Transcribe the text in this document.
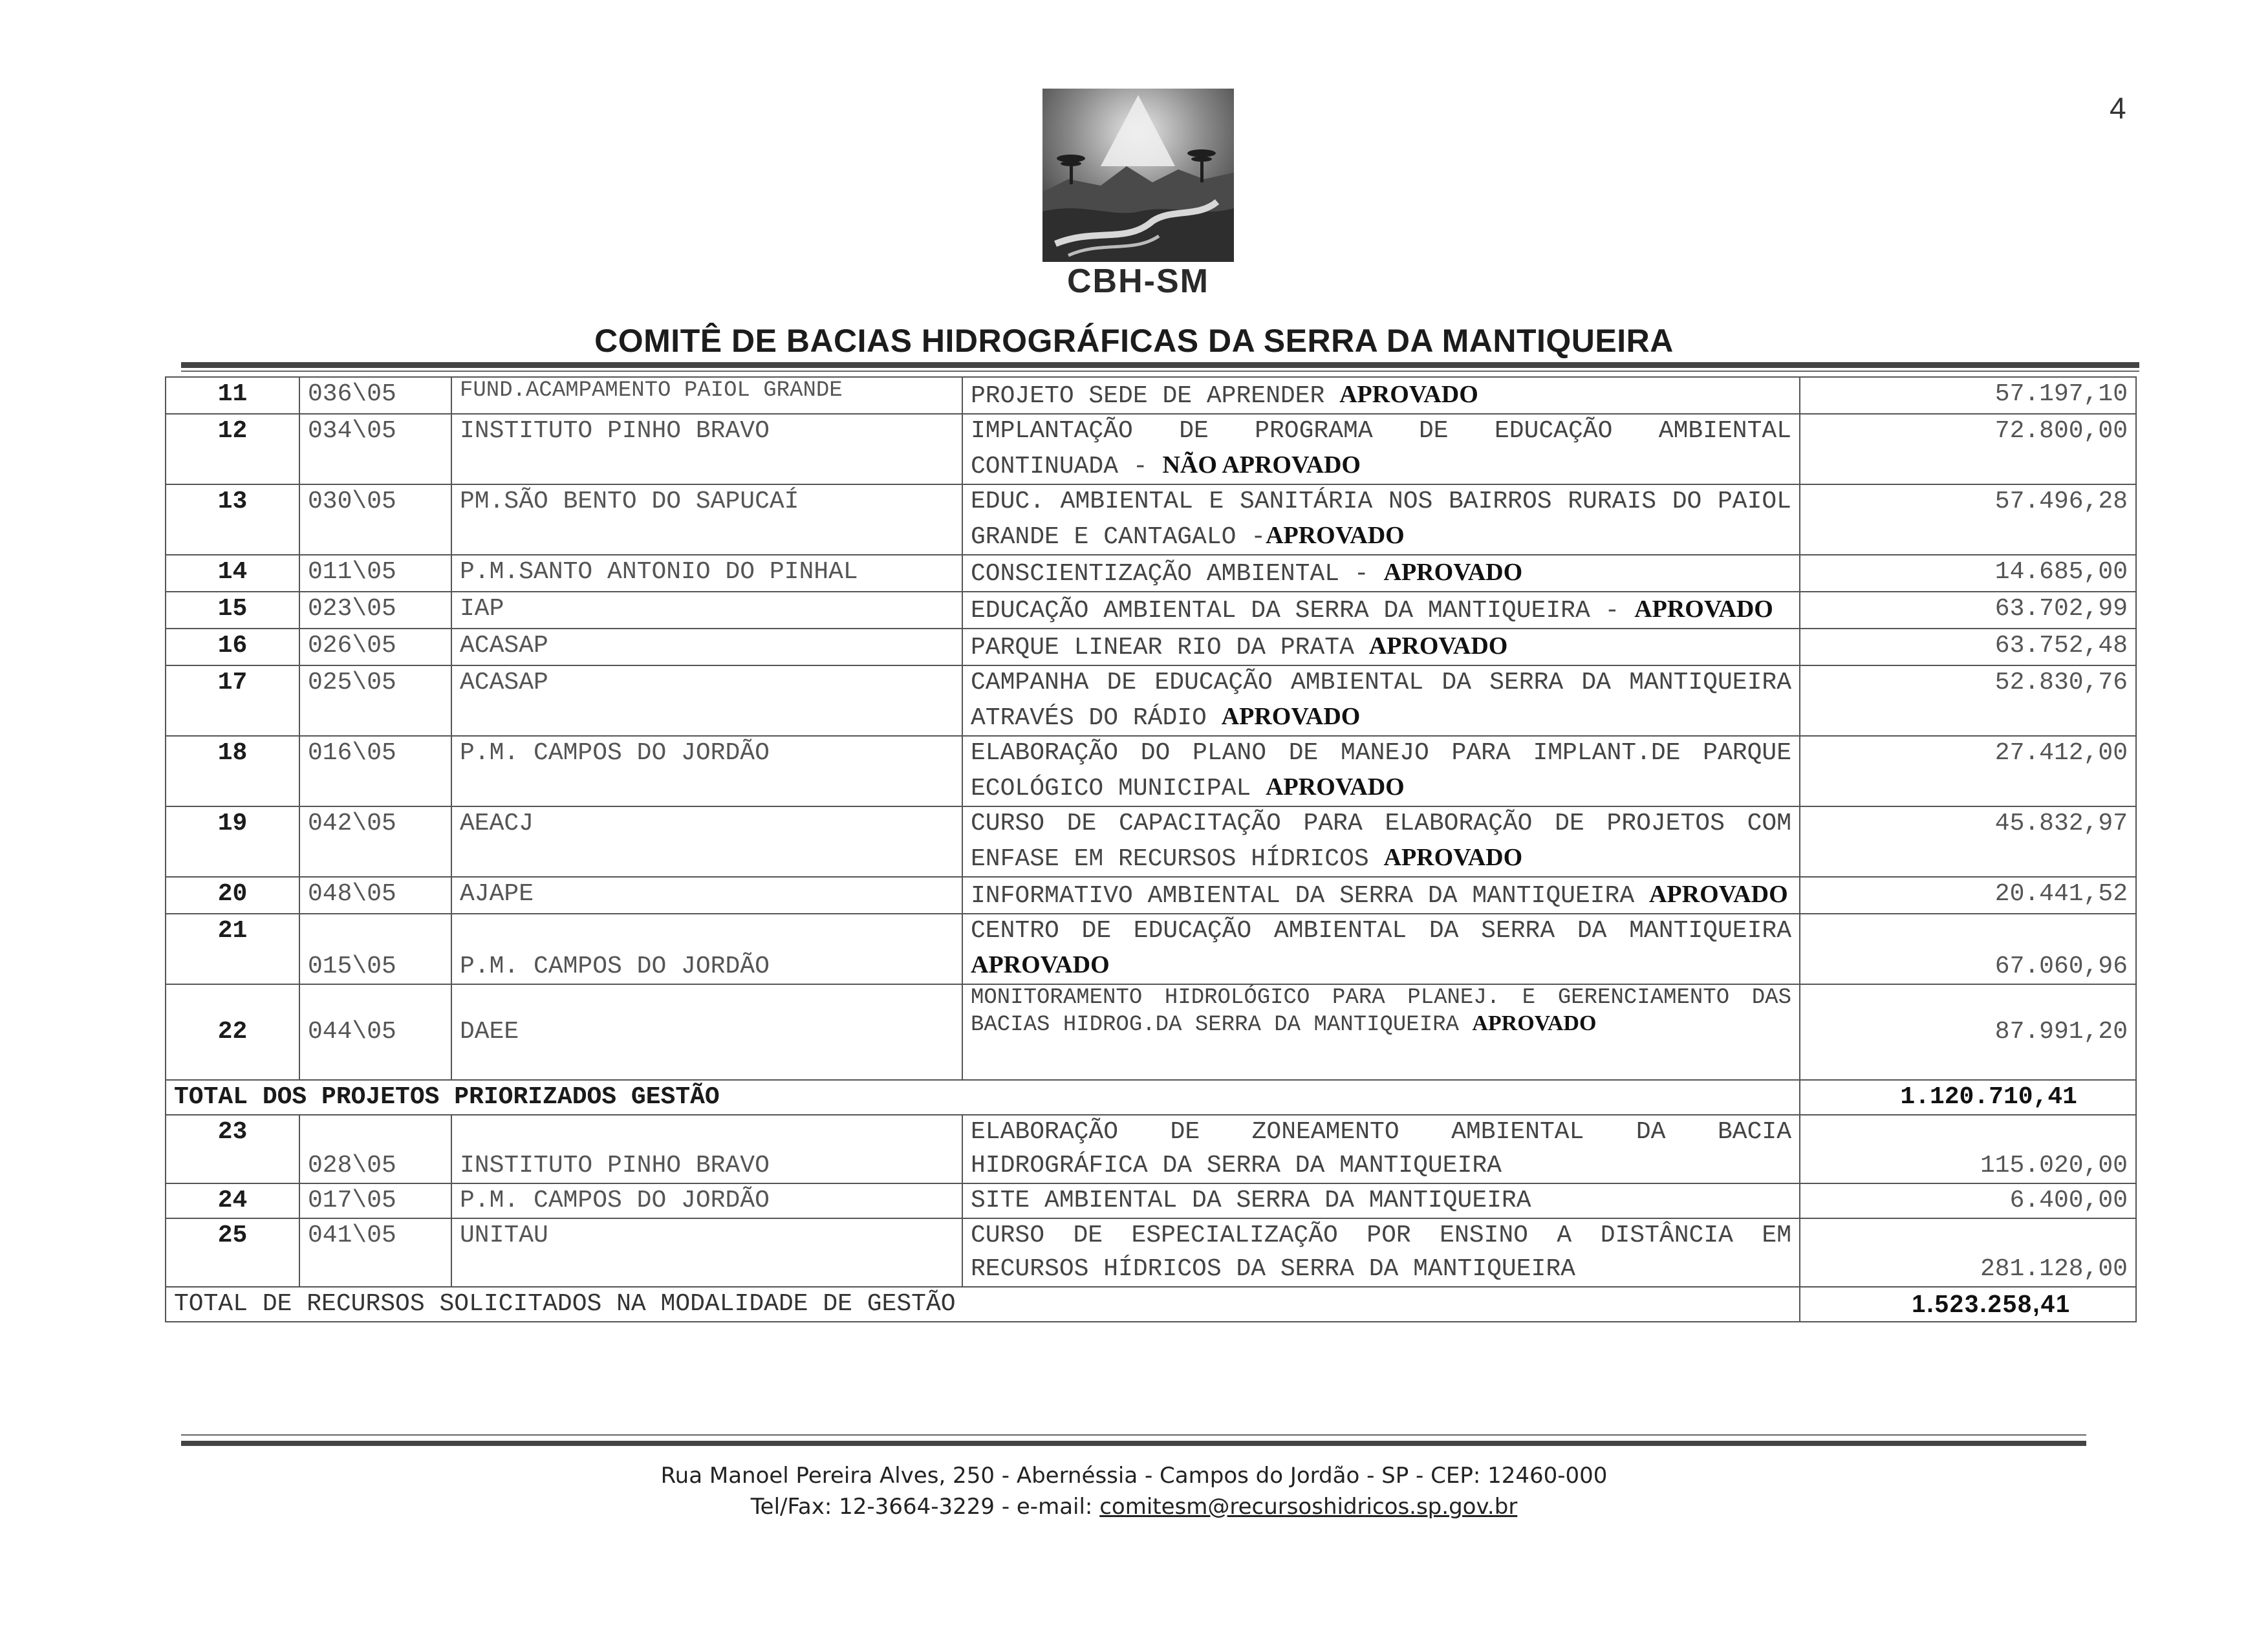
4
CBH-SM
COMITÊ DE BACIAS HIDROGRÁFICAS DA SERRA DA MANTIQUEIRA
11	036\05	FUND.ACAMPAMENTO PAIOL GRANDE	PROJETO SEDE DE APRENDER APROVADO	57.197,10
12	034\05	INSTITUTO PINHO BRAVO	IMPLANTAÇÃO DE PROGRAMA DE EDUCAÇÃO AMBIENTAL CONTINUADA - NÃO APROVADO	72.800,00
13	030\05	PM.SÃO BENTO DO SAPUCAÍ	EDUC. AMBIENTAL E SANITÁRIA NOS BAIRROS RURAIS DO PAIOL GRANDE E CANTAGALO -APROVADO	57.496,28
14	011\05	P.M.SANTO ANTONIO DO PINHAL	CONSCIENTIZAÇÃO AMBIENTAL - APROVADO	14.685,00
15	023\05	IAP	EDUCAÇÃO AMBIENTAL DA SERRA DA MANTIQUEIRA - APROVADO	63.702,99
16	026\05	ACASAP	PARQUE LINEAR RIO DA PRATA APROVADO	63.752,48
17	025\05	ACASAP	CAMPANHA DE EDUCAÇÃO AMBIENTAL DA SERRA DA MANTIQUEIRA ATRAVÉS DO RÁDIO APROVADO	52.830,76
18	016\05	P.M. CAMPOS DO JORDÃO	ELABORAÇÃO DO PLANO DE MANEJO PARA IMPLANT.DE PARQUE ECOLÓGICO MUNICIPAL APROVADO	27.412,00
19	042\05	AEACJ	CURSO DE CAPACITAÇÃO PARA ELABORAÇÃO DE PROJETOS COM ENFASE EM RECURSOS HÍDRICOS APROVADO	45.832,97
20	048\05	AJAPE	INFORMATIVO AMBIENTAL DA SERRA DA MANTIQUEIRA APROVADO	20.441,52
21	015\05	P.M. CAMPOS DO JORDÃO	CENTRO DE EDUCAÇÃO AMBIENTAL DA SERRA DA MANTIQUEIRA APROVADO	67.060,96
22	044\05	DAEE	MONITORAMENTO HIDROLÓGICO PARA PLANEJ. E GERENCIAMENTO DAS BACIAS HIDROG.DA SERRA DA MANTIQUEIRA APROVADO	87.991,20
TOTAL DOS PROJETOS PRIORIZADOS GESTÃO				1.120.710,41
23	028\05	INSTITUTO PINHO BRAVO	ELABORAÇÃO DE ZONEAMENTO AMBIENTAL DA BACIA HIDROGRÁFICA DA SERRA DA MANTIQUEIRA	115.020,00
24	017\05	P.M. CAMPOS DO JORDÃO	SITE AMBIENTAL DA SERRA DA MANTIQUEIRA	6.400,00
25	041\05	UNITAU	CURSO DE ESPECIALIZAÇÃO POR ENSINO A DISTÂNCIA EM RECURSOS HÍDRICOS DA SERRA DA MANTIQUEIRA	281.128,00
TOTAL DE RECURSOS SOLICITADOS NA MODALIDADE DE GESTÃO				1.523.258,41
Rua Manoel Pereira Alves, 250 - Abernéssia - Campos do Jordão - SP - CEP: 12460-000
Tel/Fax: 12-3664-3229 - e-mail: comitesm@recursoshidricos.sp.gov.br
